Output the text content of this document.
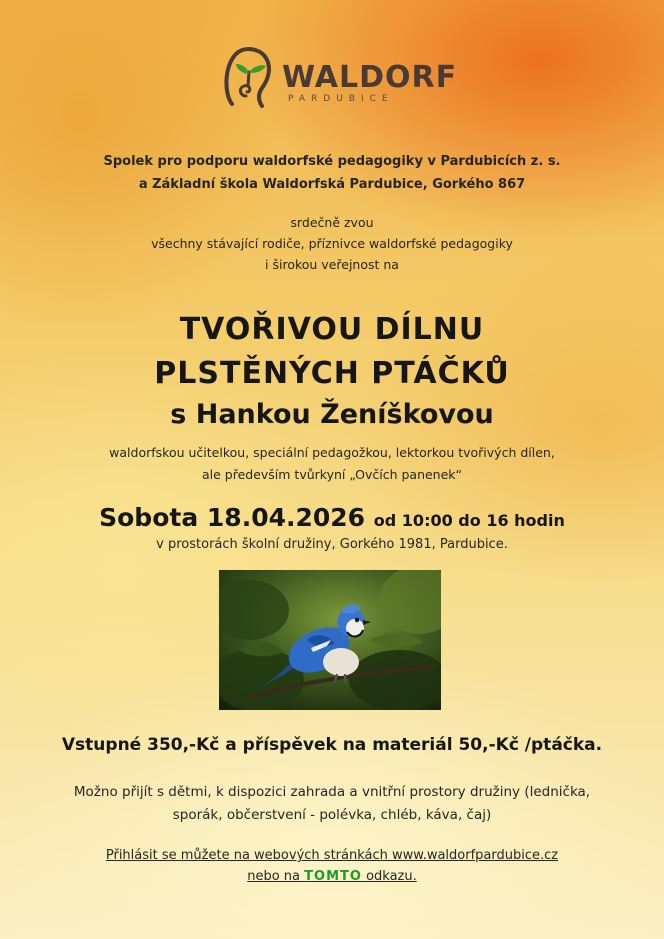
WALDORF
PARDUBICE
Spolek pro podporu waldorfské pedagogiky v Pardubicích z. s.
a Základní škola Waldorfská Pardubice, Gorkého 867
srdečně zvou
všechny stávající rodiče, příznivce waldorfské pedagogiky
i širokou veřejnost na
TVOŘIVOU DÍLNU
PLSTĚNÝCH PTÁČKŮ
s Hankou Ženíškovou
waldorfskou učitelkou, speciální pedagožkou, lektorkou tvořivých dílen,
ale především tvůrkyní „Ovčích panenek“
Sobota 18.04.2026 od 10:00 do 16 hodin
v prostorách školní družiny, Gorkého 1981, Pardubice.
Vstupné 350,-Kč a příspěvek na materiál 50,-Kč /ptáčka.
Možno přijít s dětmi, k dispozici zahrada a vnitřní prostory družiny (lednička,
sporák, občerstvení - polévka, chléb, káva, čaj)
Přihlásit se můžete na webových stránkách www.waldorfpardubice.cz
nebo na TOMTO odkazu.
